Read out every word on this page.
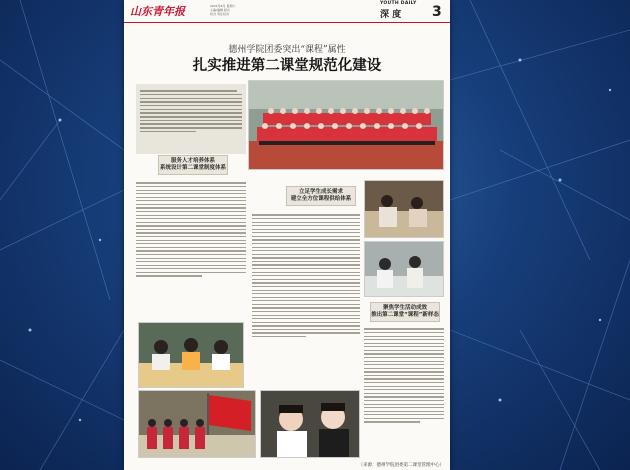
山东青年报	2021年5月 星期六
主编/编辑 版式
校对 责任校对
YOUTH DAILY
深 度 3
德州学院团委突出“课程”属性
扎实推进第二课堂规范化建设
服务人才培养体系
系统设计第二课堂制度体系
立足学生成长需求
建立全方位课程供给体系
聚焦学生活动成效
推出第二课堂“课程”新样态
（来源：德州学院团委第二课堂管理中心）
